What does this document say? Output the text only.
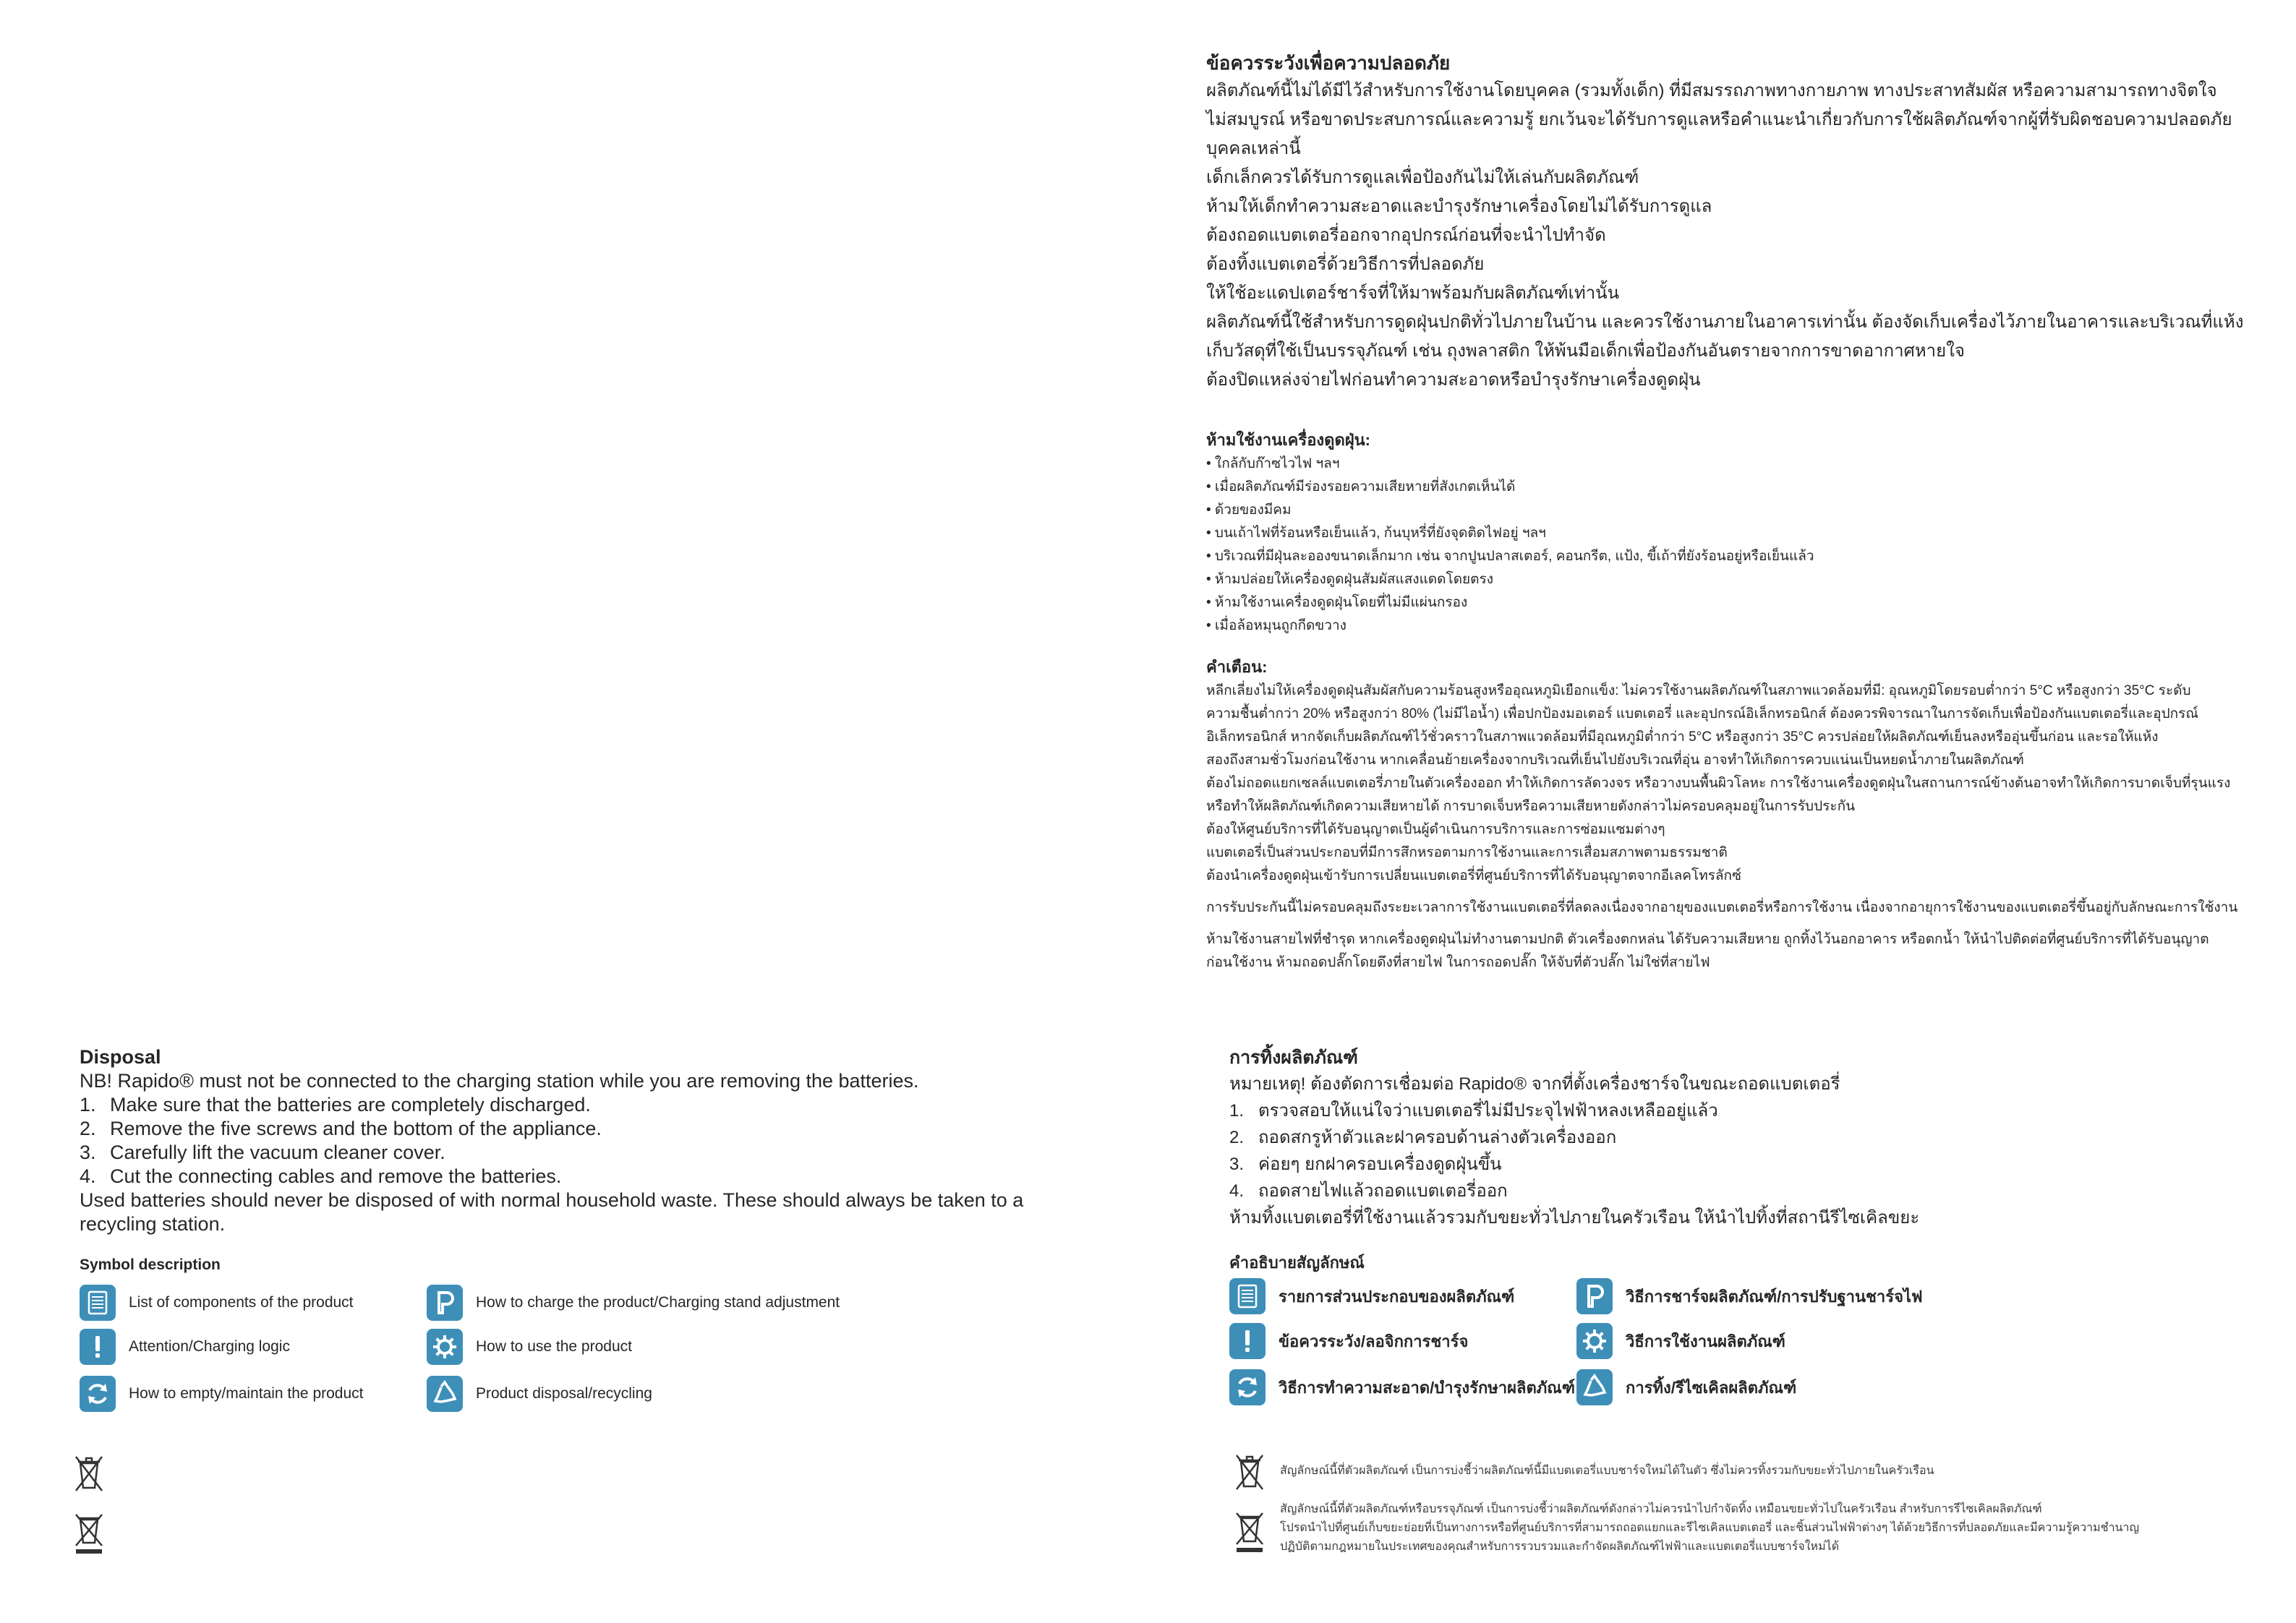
Disposal
NB! Rapido® must not be connected to the charging station while you are removing the batteries.
1. Make sure that the batteries are completely discharged.
2. Remove the five screws and the bottom of the appliance.
3. Carefully lift the vacuum cleaner cover.
4. Cut the connecting cables and remove the batteries.
Used batteries should never be disposed of with normal household waste. These should always be taken to a recycling station.
Symbol description
List of components of the product	How to charge the product/Charging stand adjustment
Attention/Charging logic	How to use the product
How to empty/maintain the product	Product disposal/recycling
ข้อควรระวังเพื่อความปลอดภัย
ผลิตภัณฑ์นี้ไม่ได้มีไว้สำหรับการใช้งานโดยบุคคล (รวมทั้งเด็ก) ที่มีสมรรถภาพทางกายภาพ ทางประสาทสัมผัส หรือความสามารถทางจิตใจ
ไม่สมบูรณ์ หรือขาดประสบการณ์และความรู้ ยกเว้นจะได้รับการดูแลหรือคำแนะนำเกี่ยวกับการใช้ผลิตภัณฑ์จากผู้ที่รับผิดชอบความปลอดภัย
บุคคลเหล่านี้
เด็กเล็กควรได้รับการดูแลเพื่อป้องกันไม่ให้เล่นกับผลิตภัณฑ์
ห้ามให้เด็กทำความสะอาดและบำรุงรักษาเครื่องโดยไม่ได้รับการดูแล
ต้องถอดแบตเตอรี่ออกจากอุปกรณ์ก่อนที่จะนำไปทำจัด
ต้องทิ้งแบตเตอรี่ด้วยวิธีการที่ปลอดภัย
ให้ใช้อะแดปเตอร์ชาร์จที่ให้มาพร้อมกับผลิตภัณฑ์เท่านั้น
ผลิตภัณฑ์นี้ใช้สำหรับการดูดฝุ่นปกติทั่วไปภายในบ้าน และควรใช้งานภายในอาคารเท่านั้น ต้องจัดเก็บเครื่องไว้ภายในอาคารและบริเวณที่แห้ง
เก็บวัสดุที่ใช้เป็นบรรจุภัณฑ์ เช่น ถุงพลาสติก ให้พ้นมือเด็กเพื่อป้องกันอันตรายจากการขาดอากาศหายใจ
ต้องปิดแหล่งจ่ายไฟก่อนทำความสะอาดหรือบำรุงรักษาเครื่องดูดฝุ่น
ห้ามใช้งานเครื่องดูดฝุ่น:
• ใกล้กับก๊าซไวไฟ ฯลฯ
• เมื่อผลิตภัณฑ์มีร่องรอยความเสียหายที่สังเกตเห็นได้
• ด้วยของมีคม
• บนเถ้าไฟที่ร้อนหรือเย็นแล้ว, ก้นบุหรี่ที่ยังจุดติดไฟอยู่ ฯลฯ
• บริเวณที่มีฝุ่นละอองขนาดเล็กมาก เช่น จากปูนปลาสเตอร์, คอนกรีต, แป้ง, ขี้เถ้าที่ยังร้อนอยู่หรือเย็นแล้ว
• ห้ามปล่อยให้เครื่องดูดฝุ่นสัมผัสแสงแดดโดยตรง
• ห้ามใช้งานเครื่องดูดฝุ่นโดยที่ไม่มีแผ่นกรอง
• เมื่อล้อหมุนถูกกีดขวาง
คำเตือน:
หลีกเลี่ยงไม่ให้เครื่องดูดฝุ่นสัมผัสกับความร้อนสูงหรืออุณหภูมิเยือกแข็ง: ไม่ควรใช้งานผลิตภัณฑ์ในสภาพแวดล้อมที่มี: อุณหภูมิโดยรอบต่ำกว่า 5°C หรือสูงกว่า 35°C ระดับ
ความชื้นต่ำกว่า 20% หรือสูงกว่า 80% (ไม่มีไอน้ำ) เพื่อปกป้องมอเตอร์ แบตเตอรี่ และอุปกรณ์อิเล็กทรอนิกส์ ต้องควรพิจารณาในการจัดเก็บเพื่อป้องกันแบตเตอรี่และอุปกรณ์
อิเล็กทรอนิกส์ หากจัดเก็บผลิตภัณฑ์ไว้ชั่วคราวในสภาพแวดล้อมที่มีอุณหภูมิต่ำกว่า 5°C หรือสูงกว่า 35°C ควรปล่อยให้ผลิตภัณฑ์เย็นลงหรืออุ่นขึ้นก่อน และรอให้แห้ง
สองถึงสามชั่วโมงก่อนใช้งาน หากเคลื่อนย้ายเครื่องจากบริเวณที่เย็นไปยังบริเวณที่อุ่น อาจทำให้เกิดการควบแน่นเป็นหยดน้ำภายในผลิตภัณฑ์
ต้องไม่ถอดแยกเซลล์แบตเตอรี่ภายในตัวเครื่องออก ทำให้เกิดการลัดวงจร หรือวางบนพื้นผิวโลหะ การใช้งานเครื่องดูดฝุ่นในสถานการณ์ข้างต้นอาจทำให้เกิดการบาดเจ็บที่รุนแรง
หรือทำให้ผลิตภัณฑ์เกิดความเสียหายได้ การบาดเจ็บหรือความเสียหายดังกล่าวไม่ครอบคลุมอยู่ในการรับประกัน
ต้องให้ศูนย์บริการที่ได้รับอนุญาตเป็นผู้ดำเนินการบริการและการซ่อมแซมต่างๆ
แบตเตอรี่เป็นส่วนประกอบที่มีการสึกหรอตามการใช้งานและการเสื่อมสภาพตามธรรมชาติ
ต้องนำเครื่องดูดฝุ่นเข้ารับการเปลี่ยนแบตเตอรี่ที่ศูนย์บริการที่ได้รับอนุญาตจากอีเลคโทรลักซ์
การรับประกันนี้ไม่ครอบคลุมถึงระยะเวลาการใช้งานแบตเตอรี่ที่ลดลงเนื่องจากอายุของแบตเตอรี่หรือการใช้งาน เนื่องจากอายุการใช้งานของแบตเตอรี่ขึ้นอยู่กับลักษณะการใช้งาน
ห้ามใช้งานสายไฟที่ชำรุด หากเครื่องดูดฝุ่นไม่ทำงานตามปกติ ตัวเครื่องตกหล่น ได้รับความเสียหาย ถูกทิ้งไว้นอกอาคาร หรือตกน้ำ ให้นำไปติดต่อที่ศูนย์บริการที่ได้รับอนุญาต
ก่อนใช้งาน ห้ามถอดปลั๊กโดยดึงที่สายไฟ ในการถอดปลั๊ก ให้จับที่ตัวปลั๊ก ไม่ใช่ที่สายไฟ
การทิ้งผลิตภัณฑ์
หมายเหตุ! ต้องตัดการเชื่อมต่อ Rapido® จากที่ตั้งเครื่องชาร์จในขณะถอดแบตเตอรี่
1. ตรวจสอบให้แน่ใจว่าแบตเตอรี่ไม่มีประจุไฟฟ้าหลงเหลืออยู่แล้ว
2. ถอดสกรูห้าตัวและฝาครอบด้านล่างตัวเครื่องออก
3. ค่อยๆ ยกฝาครอบเครื่องดูดฝุ่นขึ้น
4. ถอดสายไฟแล้วถอดแบตเตอรี่ออก
ห้ามทิ้งแบตเตอรี่ที่ใช้งานแล้วรวมกับขยะทั่วไปภายในครัวเรือน ให้นำไปทิ้งที่สถานีรีไซเคิลขยะ
คำอธิบายสัญลักษณ์
รายการส่วนประกอบของผลิตภัณฑ์	วิธีการชาร์จผลิตภัณฑ์/การปรับฐานชาร์จไฟ
ข้อควรระวัง/ลอจิกการชาร์จ	วิธีการใช้งานผลิตภัณฑ์
วิธีการทำความสะอาด/บำรุงรักษาผลิตภัณฑ์	การทิ้ง/รีไซเคิลผลิตภัณฑ์
สัญลักษณ์นี้ที่ตัวผลิตภัณฑ์ เป็นการบ่งชี้ว่าผลิตภัณฑ์นี้มีแบตเตอรี่แบบชาร์จใหม่ได้ในตัว ซึ่งไม่ควรทิ้งรวมกับขยะทั่วไปภายในครัวเรือน
สัญลักษณ์นี้ที่ตัวผลิตภัณฑ์หรือบรรจุภัณฑ์ เป็นการบ่งชี้ว่าผลิตภัณฑ์ดังกล่าวไม่ควรนำไปกำจัดทิ้ง เหมือนขยะทั่วไปในครัวเรือน สำหรับการรีไซเคิลผลิตภัณฑ์
โปรดนำไปที่ศูนย์เก็บขยะย่อยที่เป็นทางการหรือที่ศูนย์บริการที่สามารถถอดแยกและรีไซเคิลแบตเตอรี่ และชิ้นส่วนไฟฟ้าต่างๆ ได้ด้วยวิธีการที่ปลอดภัยและมีความรู้ความชำนาญ
ปฏิบัติตามกฎหมายในประเทศของคุณสำหรับการรวบรวมและกำจัดผลิตภัณฑ์ไฟฟ้าและแบตเตอรี่แบบชาร์จใหม่ได้
